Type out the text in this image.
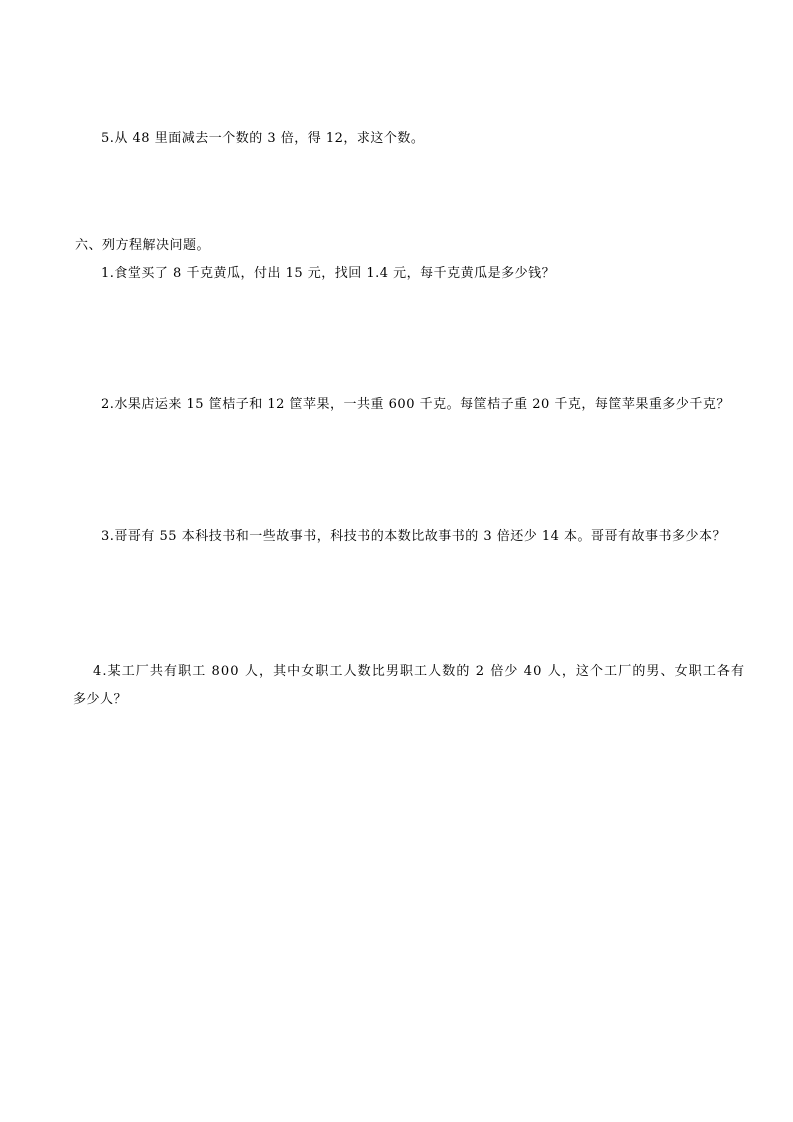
5.从 48 里面减去一个数的 3 倍，得 12，求这个数。
六、列方程解决问题。
1.食堂买了 8 千克黄瓜，付出 15 元，找回 1.4 元，每千克黄瓜是多少钱？
2.水果店运来 15 筐桔子和 12 筐苹果，一共重 600 千克。每筐桔子重 20 千克，每筐苹果重多少千克？
3.哥哥有 55 本科技书和一些故事书，科技书的本数比故事书的 3 倍还少 14 本。哥哥有故事书多少本？
4.某工厂共有职工 800 人，其中女职工人数比男职工人数的 2 倍少 40 人，这个工厂的男、女职工各有
多少人？
